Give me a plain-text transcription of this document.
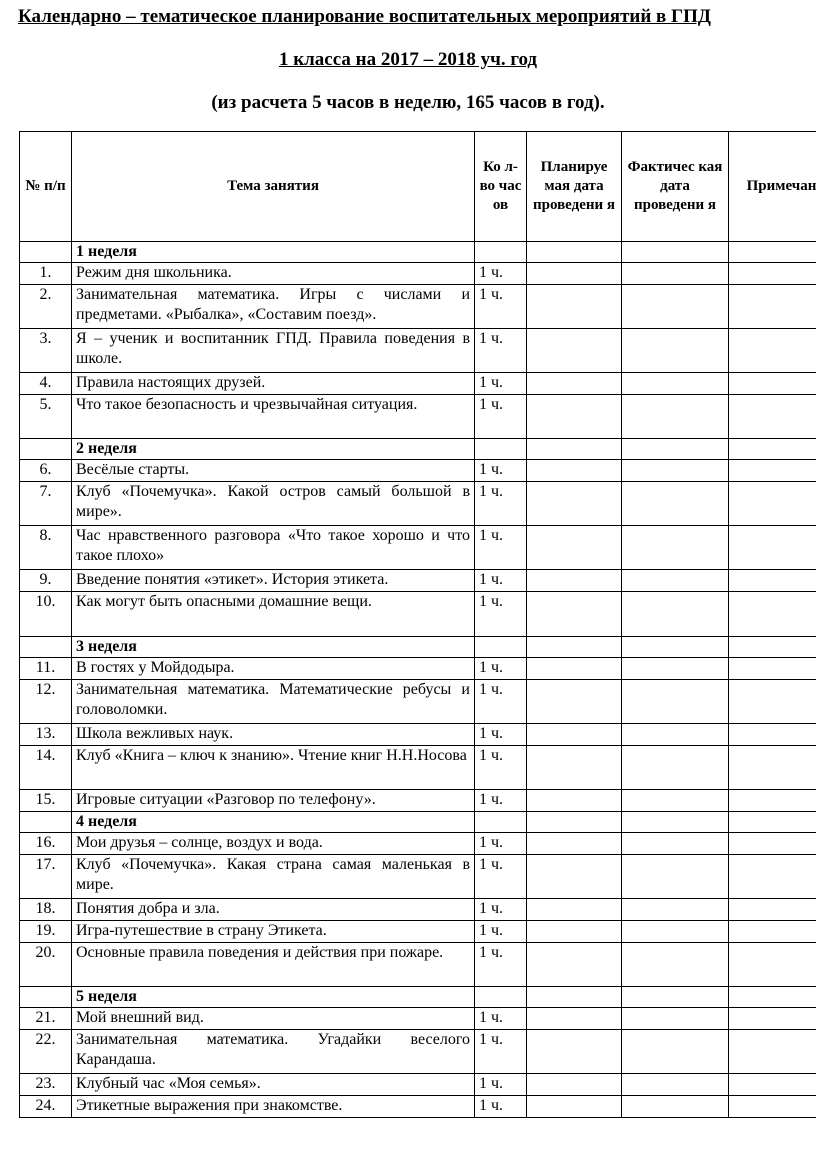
Календарно – тематическое планирование воспитательных мероприятий в ГПД
1 класса на 2017 – 2018 уч. год
(из расчета 5 часов в неделю, 165 часов в год).
№ п/п	Тема занятия	Ко л- во час ов	Планируе мая дата проведени я	Фактичес кая дата проведени я	Примечан
	1 неделя				
1.	Режим дня школьника.	1 ч.			
2.	Занимательная математика. Игры с числами и предметами. «Рыбалка», «Составим поезд».	1 ч.			
3.	Я – ученик и воспитанник ГПД. Правила поведения в школе.	1 ч.			
4.	Правила настоящих друзей.	1 ч.			
5.	Что такое безопасность и чрезвычайная ситуация.	1 ч.			
	2 неделя				
6.	Весёлые старты.	1 ч.			
7.	Клуб «Почемучка». Какой остров самый большой в мире».	1 ч.			
8.	Час нравственного разговора «Что такое хорошо и что такое плохо»	1 ч.			
9.	Введение понятия «этикет». История этикета.	1 ч.			
10.	Как могут быть опасными домашние вещи.	1 ч.			
	3 неделя				
11.	В гостях у Мойдодыра.	1 ч.			
12.	Занимательная математика. Математические ребусы и головоломки.	1 ч.			
13.	Школа вежливых наук.	1 ч.			
14.	Клуб «Книга – ключ к знанию». Чтение книг Н.Н.Носова	1 ч.			
15.	Игровые ситуации «Разговор по телефону».	1 ч.			
	4 неделя				
16.	Мои друзья – солнце, воздух и вода.	1 ч.			
17.	Клуб «Почемучка». Какая страна самая маленькая в мире.	1 ч.			
18.	Понятия добра и зла.	1 ч.			
19.	Игра-путешествие в страну Этикета.	1 ч.			
20.	Основные правила поведения и действия при пожаре.	1 ч.			
	5 неделя				
21.	Мой внешний вид.	1 ч.			
22.	Занимательная математика. Угадайки веселого Карандаша.	1 ч.			
23.	Клубный час «Моя семья».	1 ч.			
24.	Этикетные выражения при знакомстве.	1 ч.			
